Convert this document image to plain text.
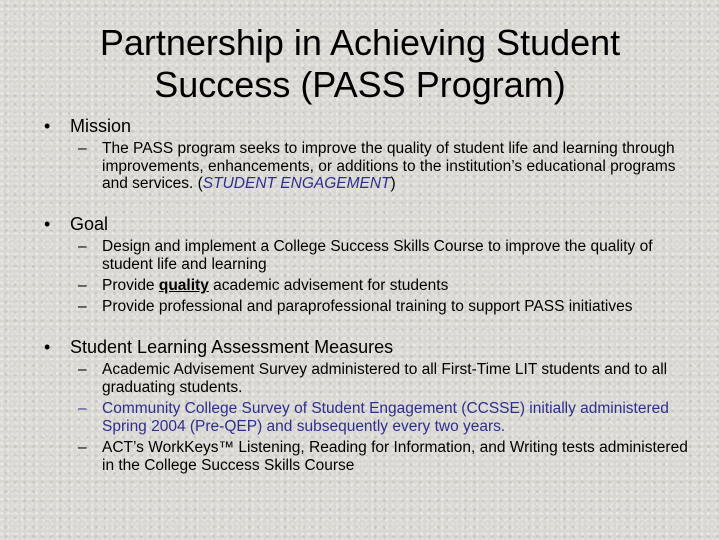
Partnership in Achieving Student
Success (PASS Program)
•	Mission
– The PASS program seeks to improve the quality of student life and learning through improvements, enhancements, or additions to the institution’s educational programs and services. (STUDENT ENGAGEMENT)
•	Goal
– Design and implement a College Success Skills Course to improve the quality of student life and learning
– Provide quality academic advisement for students
– Provide professional and paraprofessional training to support PASS initiatives
•	Student Learning Assessment Measures
– Academic Advisement Survey administered to all First-Time LIT students and to all graduating students.
– Community College Survey of Student Engagement (CCSSE) initially administered Spring 2004 (Pre-QEP) and subsequently every two years.
– ACT’s WorkKeys™ Listening, Reading for Information, and Writing tests administered in the College Success Skills Course
